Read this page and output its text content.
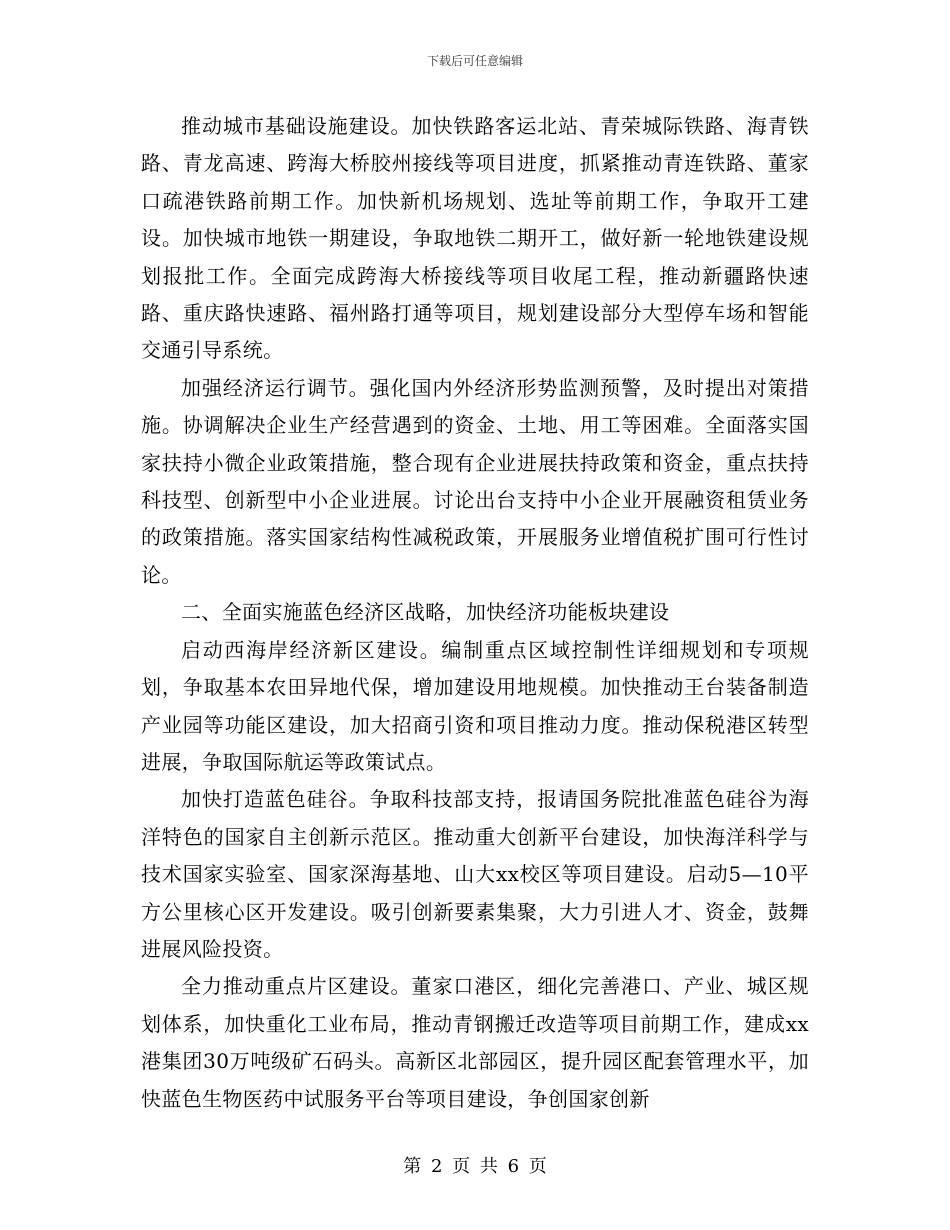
下载后可任意编辑

推动城市基础设施建设。加快铁路客运北站、青荣城际铁路、海青铁路、青龙高速、跨海大桥胶州接线等项目进度，抓紧推动青连铁路、董家口疏港铁路前期工作。加快新机场规划、选址等前期工作，争取开工建设。加快城市地铁一期建设，争取地铁二期开工，做好新一轮地铁建设规划报批工作。全面完成跨海大桥接线等项目收尾工程，推动新疆路快速路、重庆路快速路、福州路打通等项目，规划建设部分大型停车场和智能交通引导系统。

加强经济运行调节。强化国内外经济形势监测预警，及时提出对策措施。协调解决企业生产经营遇到的资金、土地、用工等困难。全面落实国家扶持小微企业政策措施，整合现有企业进展扶持政策和资金，重点扶持科技型、创新型中小企业进展。讨论出台支持中小企业开展融资租赁业务的政策措施。落实国家结构性减税政策，开展服务业增值税扩围可行性讨论。

二、全面实施蓝色经济区战略，加快经济功能板块建设

启动西海岸经济新区建设。编制重点区域控制性详细规划和专项规划，争取基本农田异地代保，增加建设用地规模。加快推动王台装备制造产业园等功能区建设，加大招商引资和项目推动力度。推动保税港区转型进展，争取国际航运等政策试点。

加快打造蓝色硅谷。争取科技部支持，报请国务院批准蓝色硅谷为海洋特色的国家自主创新示范区。推动重大创新平台建设，加快海洋科学与技术国家实验室、国家深海基地、山大xx校区等项目建设。启动5—10平方公里核心区开发建设。吸引创新要素集聚，大力引进人才、资金，鼓舞进展风险投资。

全力推动重点片区建设。董家口港区，细化完善港口、产业、城区规划体系，加快重化工业布局，推动青钢搬迁改造等项目前期工作，建成xx港集团30万吨级矿石码头。高新区北部园区，提升园区配套管理水平，加快蓝色生物医药中试服务平台等项目建设，争创国家创新

第 2 页 共 6 页
